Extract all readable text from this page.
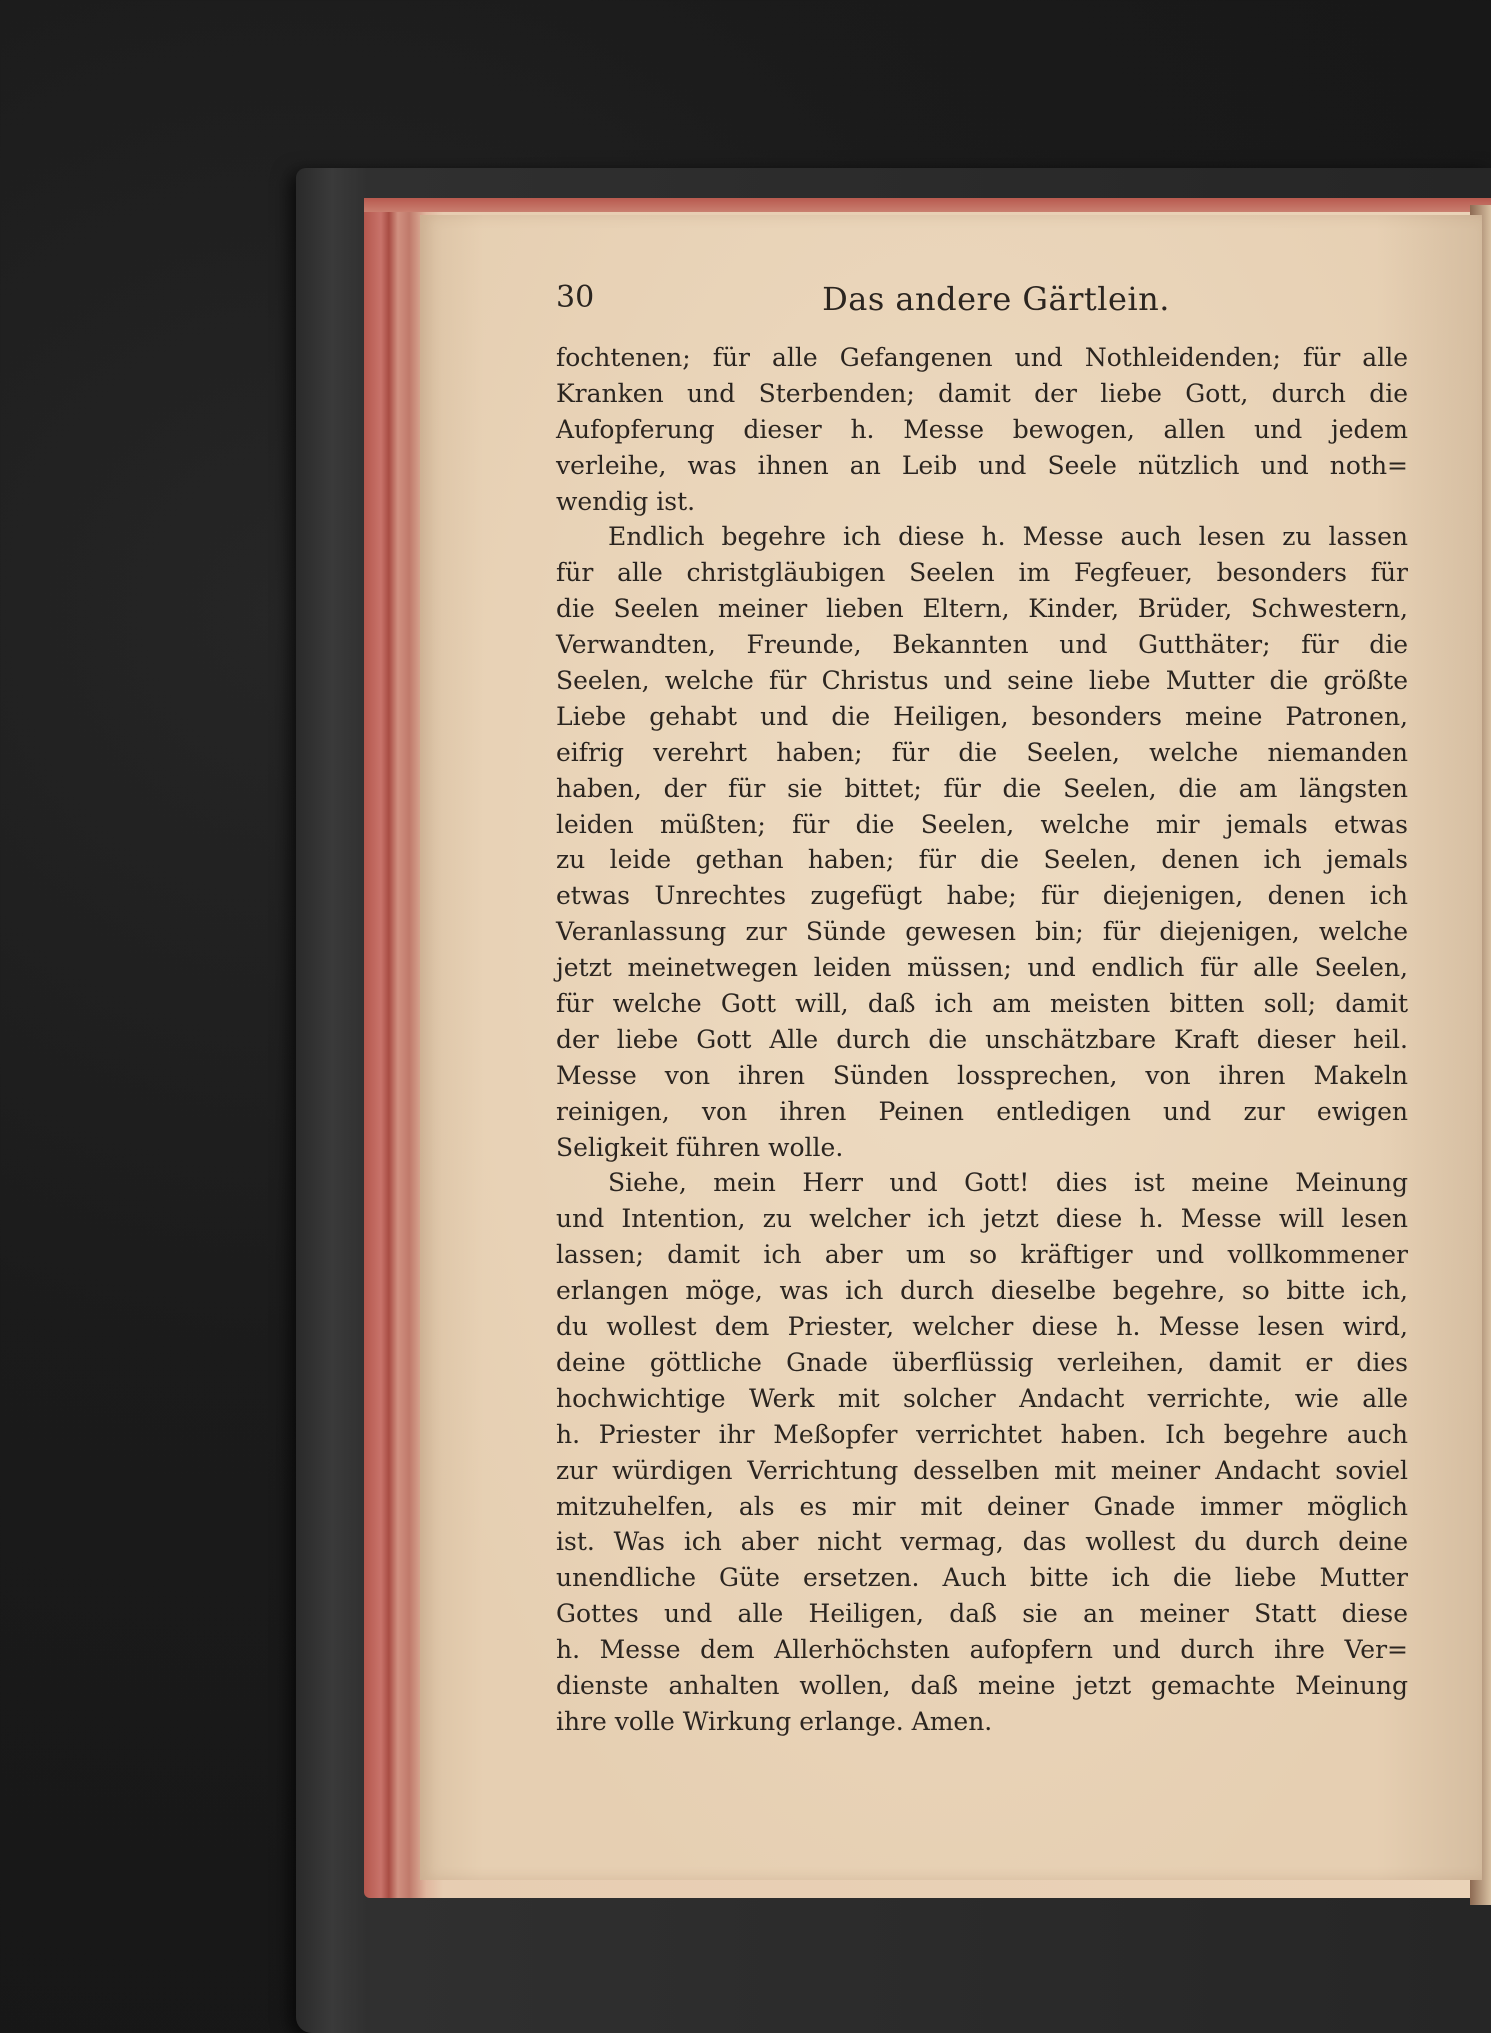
30	Das andere Gärtlein.
fochtenen; für alle Gefangenen und Nothleidenden; für alle
Kranken und Sterbenden; damit der liebe Gott, durch die
Aufopferung dieser h. Messe bewogen, allen und jedem
verleihe, was ihnen an Leib und Seele nützlich und noth=
wendig ist.
Endlich begehre ich diese h. Messe auch lesen zu lassen
für alle christgläubigen Seelen im Fegfeuer, besonders für
die Seelen meiner lieben Eltern, Kinder, Brüder, Schwestern,
Verwandten, Freunde, Bekannten und Gutthäter; für die
Seelen, welche für Christus und seine liebe Mutter die größte
Liebe gehabt und die Heiligen, besonders meine Patronen,
eifrig verehrt haben; für die Seelen, welche niemanden
haben, der für sie bittet; für die Seelen, die am längsten
leiden müßten; für die Seelen, welche mir jemals etwas
zu leide gethan haben; für die Seelen, denen ich jemals
etwas Unrechtes zugefügt habe; für diejenigen, denen ich
Veranlassung zur Sünde gewesen bin; für diejenigen, welche
jetzt meinetwegen leiden müssen; und endlich für alle Seelen,
für welche Gott will, daß ich am meisten bitten soll; damit
der liebe Gott Alle durch die unschätzbare Kraft dieser heil.
Messe von ihren Sünden lossprechen, von ihren Makeln
reinigen, von ihren Peinen entledigen und zur ewigen
Seligkeit führen wolle.
Siehe, mein Herr und Gott! dies ist meine Meinung
und Intention, zu welcher ich jetzt diese h. Messe will lesen
lassen; damit ich aber um so kräftiger und vollkommener
erlangen möge, was ich durch dieselbe begehre, so bitte ich,
du wollest dem Priester, welcher diese h. Messe lesen wird,
deine göttliche Gnade überflüssig verleihen, damit er dies
hochwichtige Werk mit solcher Andacht verrichte, wie alle
h. Priester ihr Meßopfer verrichtet haben. Ich begehre auch
zur würdigen Verrichtung desselben mit meiner Andacht soviel
mitzuhelfen, als es mir mit deiner Gnade immer möglich
ist. Was ich aber nicht vermag, das wollest du durch deine
unendliche Güte ersetzen. Auch bitte ich die liebe Mutter
Gottes und alle Heiligen, daß sie an meiner Statt diese
h. Messe dem Allerhöchsten aufopfern und durch ihre Ver=
dienste anhalten wollen, daß meine jetzt gemachte Meinung
ihre volle Wirkung erlange. Amen.
